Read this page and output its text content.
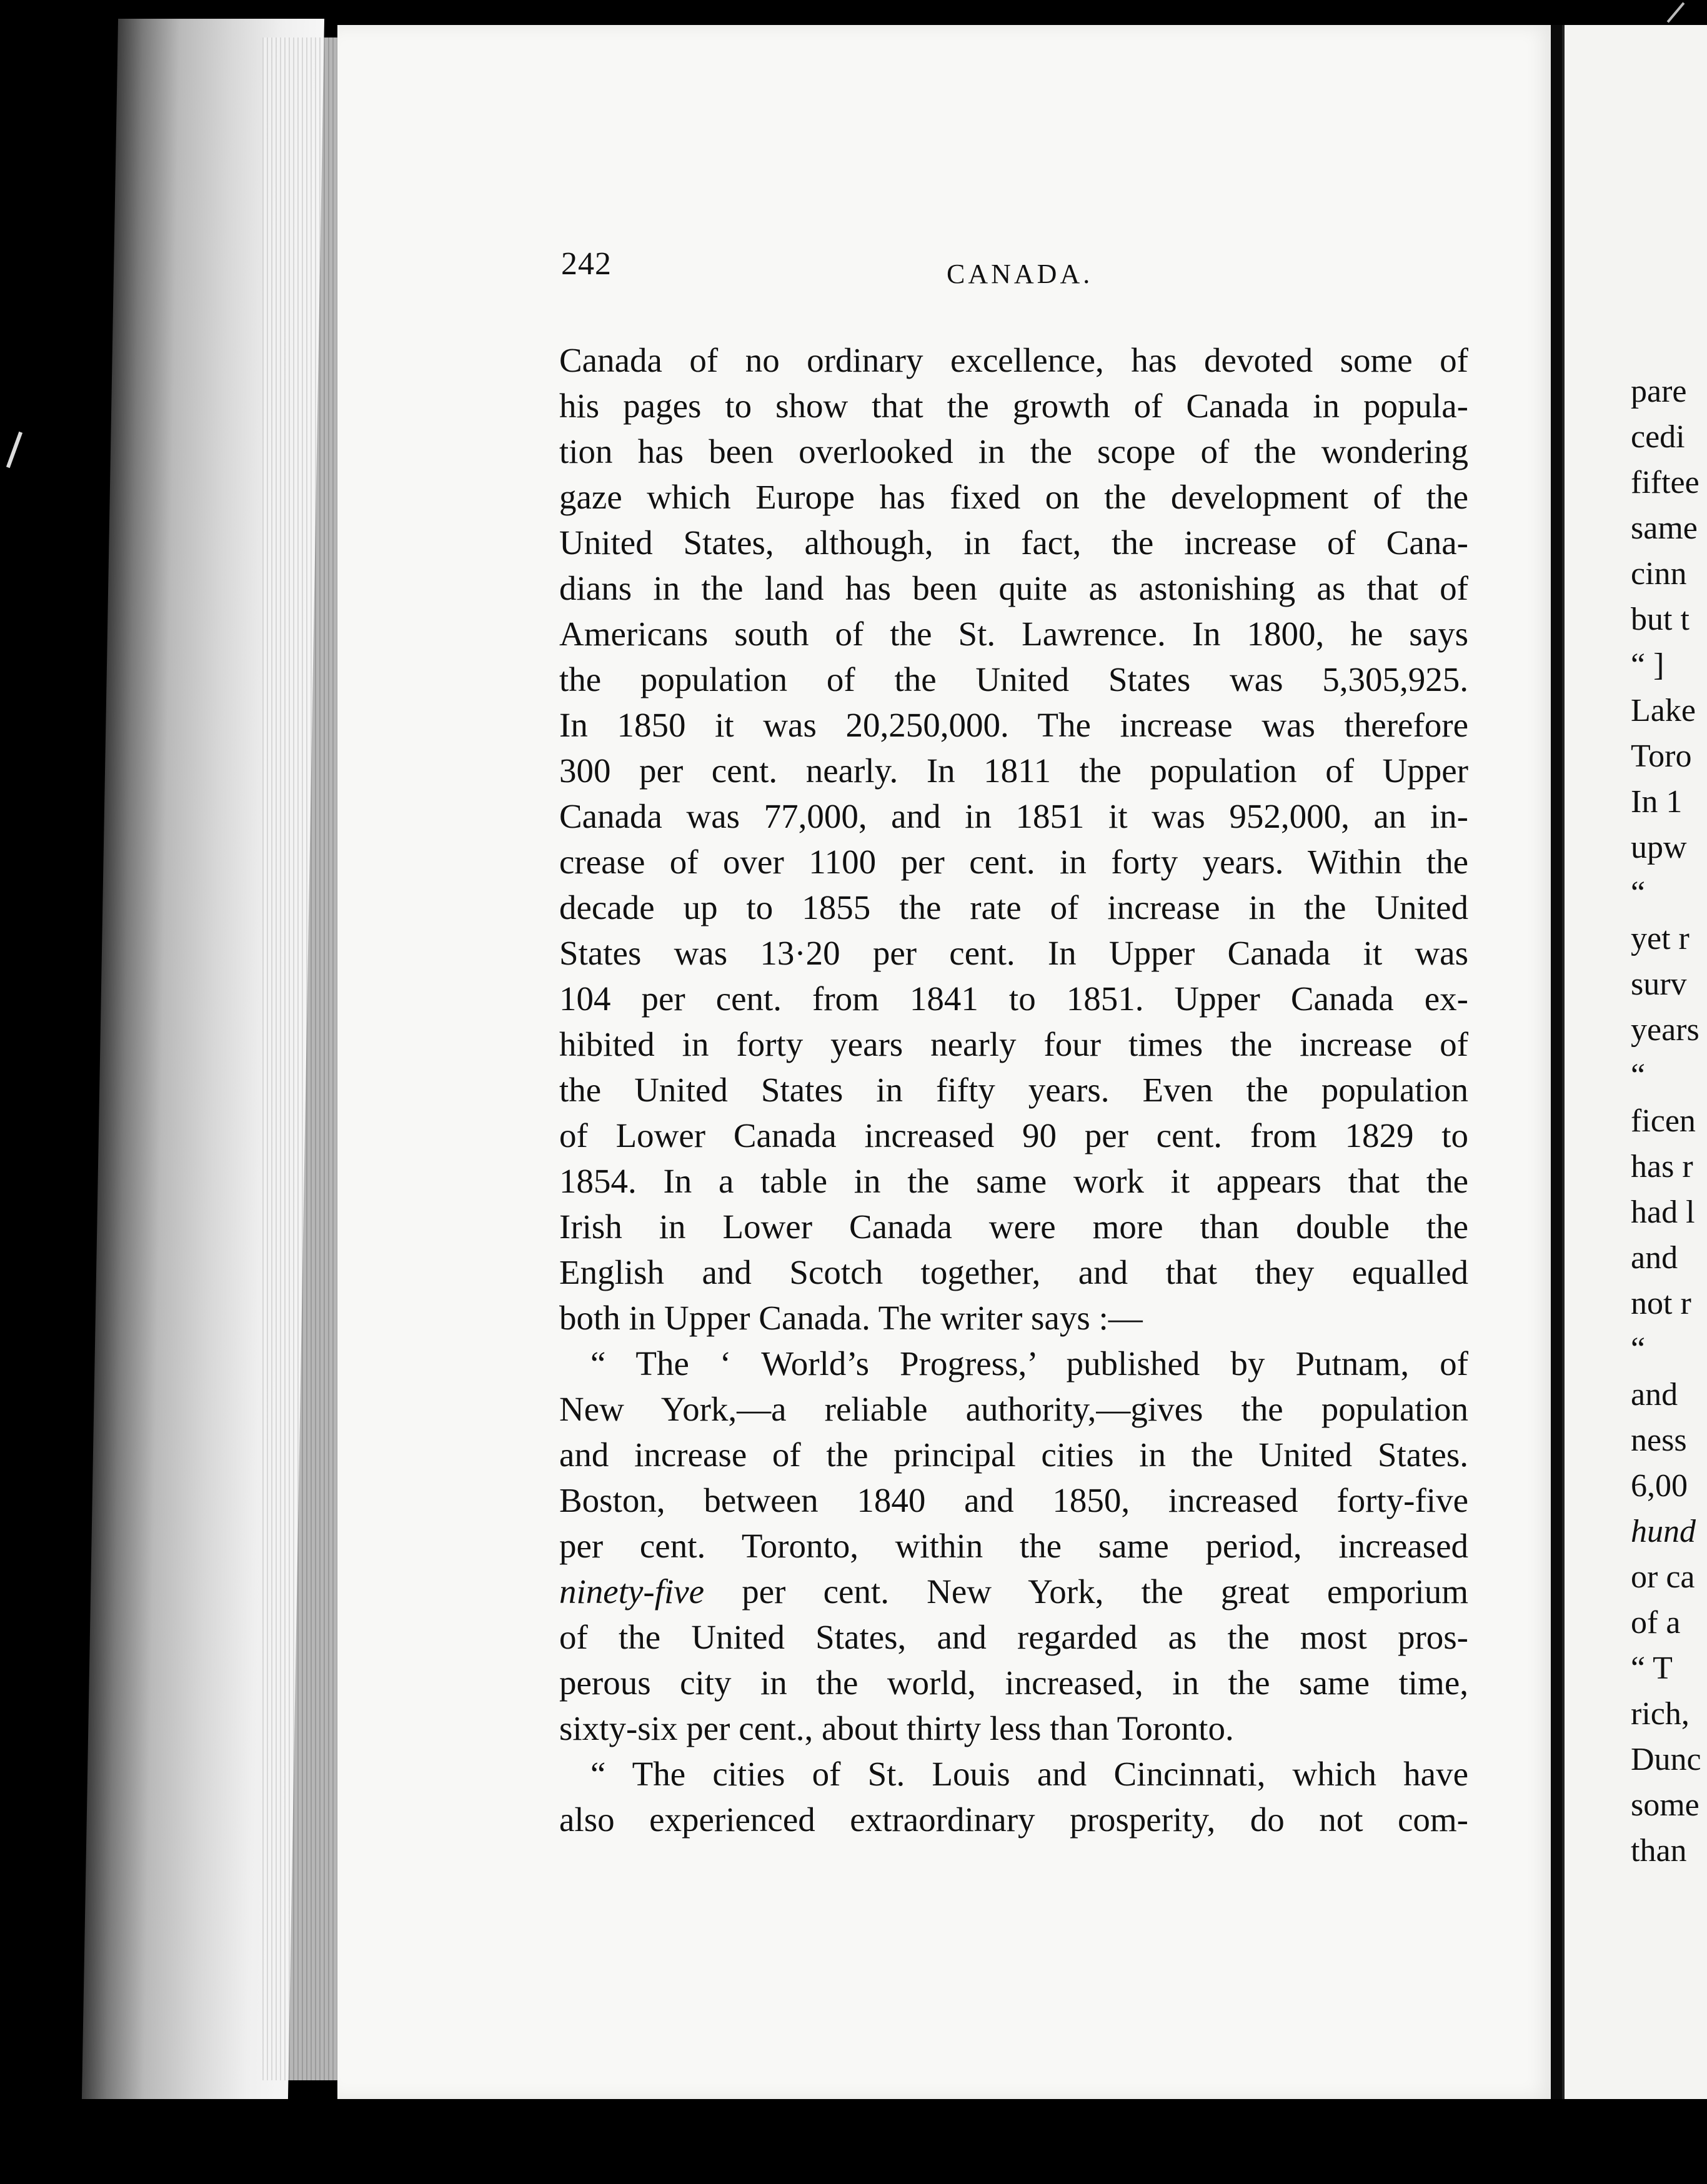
242	CANADA.
Canada of no ordinary excellence, has devoted some of
his pages to show that the growth of Canada in popula-
tion has been overlooked in the scope of the wondering
gaze which Europe has fixed on the development of the
United States, although, in fact, the increase of Cana-
dians in the land has been quite as astonishing as that of
Americans south of the St. Lawrence. In 1800, he says
the population of the United States was 5,305,925.
In 1850 it was 20,250,000. The increase was therefore
300 per cent. nearly. In 1811 the population of Upper
Canada was 77,000, and in 1851 it was 952,000, an in-
crease of over 1100 per cent. in forty years. Within the
decade up to 1855 the rate of increase in the United
States was 13·20 per cent. In Upper Canada it was
104 per cent. from 1841 to 1851. Upper Canada ex-
hibited in forty years nearly four times the increase of
the United States in fifty years. Even the population
of Lower Canada increased 90 per cent. from 1829 to
1854. In a table in the same work it appears that the
Irish in Lower Canada were more than double the
English and Scotch together, and that they equalled
both in Upper Canada. The writer says :—
“ The ‘ World’s Progress,’ published by Putnam, of
New York,—a reliable authority,—gives the population
and increase of the principal cities in the United States.
Boston, between 1840 and 1850, increased forty-five
per cent. Toronto, within the same period, increased
ninety-five per cent. New York, the great emporium
of the United States, and regarded as the most pros-
perous city in the world, increased, in the same time,
sixty-six per cent., about thirty less than Toronto.
“ The cities of St. Louis and Cincinnati, which have
also experienced extraordinary prosperity, do not com-
pare
cedi
fiftee
same
cinn
but t
“ ]
Lake
Toro
In 1
upw
“
yet r
surv
years
“
ficen
has r
had l
and
not r
“
and
ness
6,00
hund
or ca
of a
“ T
rich,
Dunc
some
than
